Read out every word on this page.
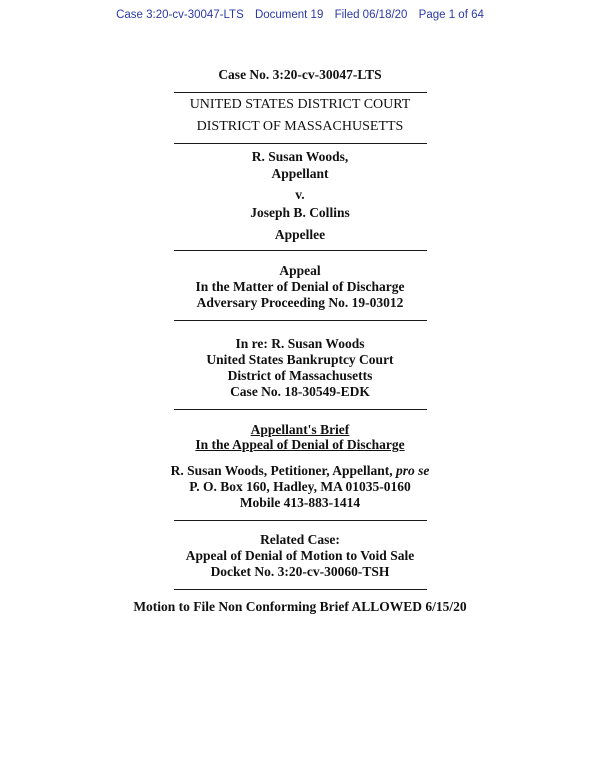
Case 3:20-cv-30047-LTS Document 19 Filed 06/18/20 Page 1 of 64
Case No. 3:20-cv-30047-LTS
UNITED STATES DISTRICT COURT
DISTRICT OF MASSACHUSETTS
R. Susan Woods,
Appellant
v.
Joseph B. Collins
Appellee
Appeal
In the Matter of Denial of Discharge
Adversary Proceeding No. 19-03012
In re: R. Susan Woods
United States Bankruptcy Court
District of Massachusetts
Case No. 18-30549-EDK
Appellant's Brief
In the Appeal of Denial of Discharge
R. Susan Woods, Petitioner, Appellant, pro se
P. O. Box 160, Hadley, MA 01035-0160
Mobile 413-883-1414
Related Case:
Appeal of Denial of Motion to Void Sale
Docket No. 3:20-cv-30060-TSH
Motion to File Non Conforming Brief ALLOWED 6/15/20
